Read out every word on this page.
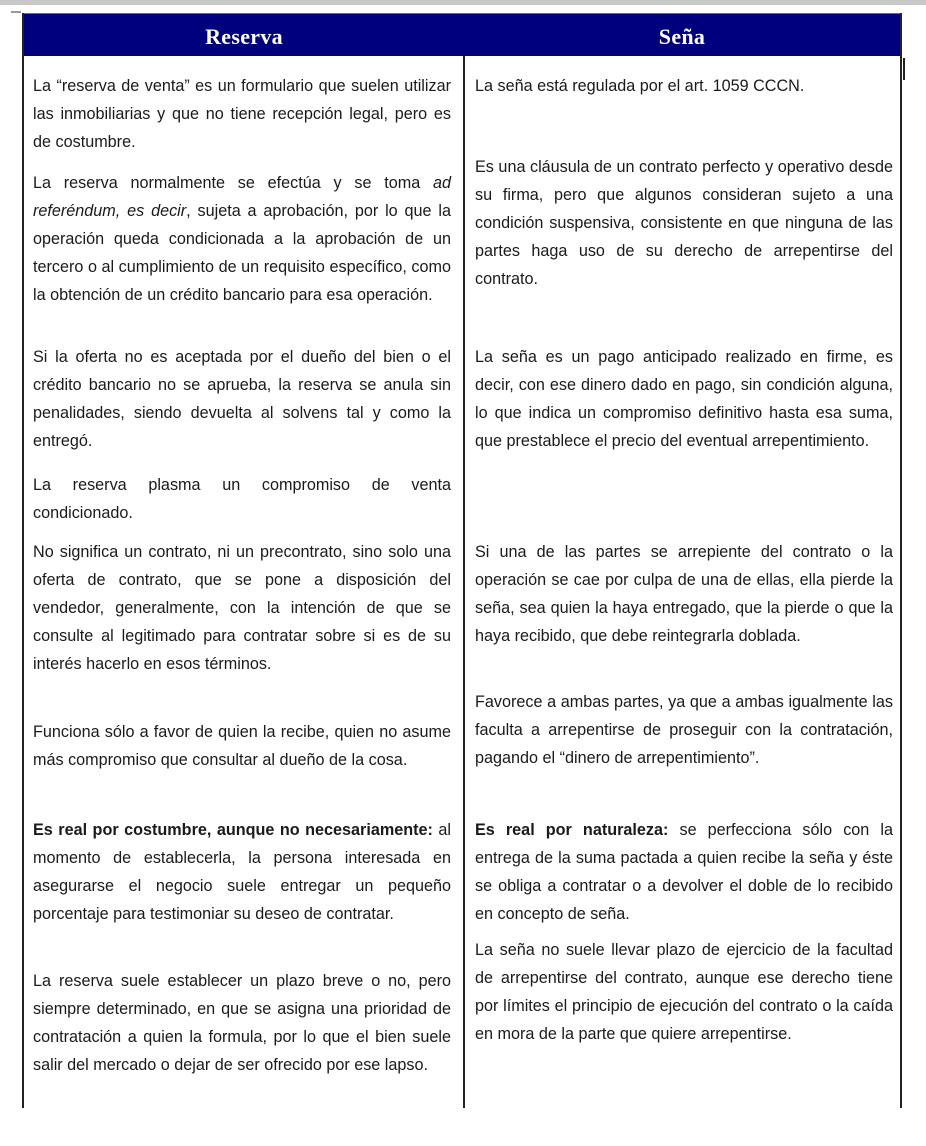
Reserva	Seña

La “reserva de venta” es un formulario que suelen utilizar las inmobiliarias y que no tiene recepción legal, pero es de costumbre.

La reserva normalmente se efectúa y se toma ad referéndum, es decir, sujeta a aprobación, por lo que la operación queda condicionada a la aprobación de un tercero o al cumplimiento de un requisito específico, como la obtención de un crédito bancario para esa operación.

Si la oferta no es aceptada por el dueño del bien o el crédito bancario no se aprueba, la reserva se anula sin penalidades, siendo devuelta al solvens tal y como la entregó.

La reserva plasma un compromiso de venta condicionado.

No significa un contrato, ni un precontrato, sino solo una oferta de contrato, que se pone a disposición del vendedor, generalmente, con la intención de que se consulte al legitimado para contratar sobre si es de su interés hacerlo en esos términos.

Funciona sólo a favor de quien la recibe, quien no asume más compromiso que consultar al dueño de la cosa.

Es real por costumbre, aunque no necesariamente: al momento de establecerla, la persona interesada en asegurarse el negocio suele entregar un pequeño porcentaje para testimoniar su deseo de contratar.

La reserva suele establecer un plazo breve o no, pero siempre determinado, en que se asigna una prioridad de contratación a quien la formula, por lo que el bien suele salir del mercado o dejar de ser ofrecido por ese lapso.

La seña está regulada por el art. 1059 CCCN.

Es una cláusula de un contrato perfecto y operativo desde su firma, pero que algunos consideran sujeto a una condición suspensiva, consistente en que ninguna de las partes haga uso de su derecho de arrepentirse del contrato.

La seña es un pago anticipado realizado en firme, es decir, con ese dinero dado en pago, sin condición alguna, lo que indica un compromiso definitivo hasta esa suma, que prestablece el precio del eventual arrepentimiento.

Si una de las partes se arrepiente del contrato o la operación se cae por culpa de una de ellas, ella pierde la seña, sea quien la haya entregado, que la pierde o que la haya recibido, que debe reintegrarla doblada.

Favorece a ambas partes, ya que a ambas igualmente las faculta a arrepentirse de proseguir con la contratación, pagando el “dinero de arrepentimiento”.

Es real por naturaleza: se perfecciona sólo con la entrega de la suma pactada a quien recibe la seña y éste se obliga a contratar o a devolver el doble de lo recibido en concepto de seña.

La seña no suele llevar plazo de ejercicio de la facultad de arrepentirse del contrato, aunque ese derecho tiene por límites el principio de ejecución del contrato o la caída en mora de la parte que quiere arrepentirse.
